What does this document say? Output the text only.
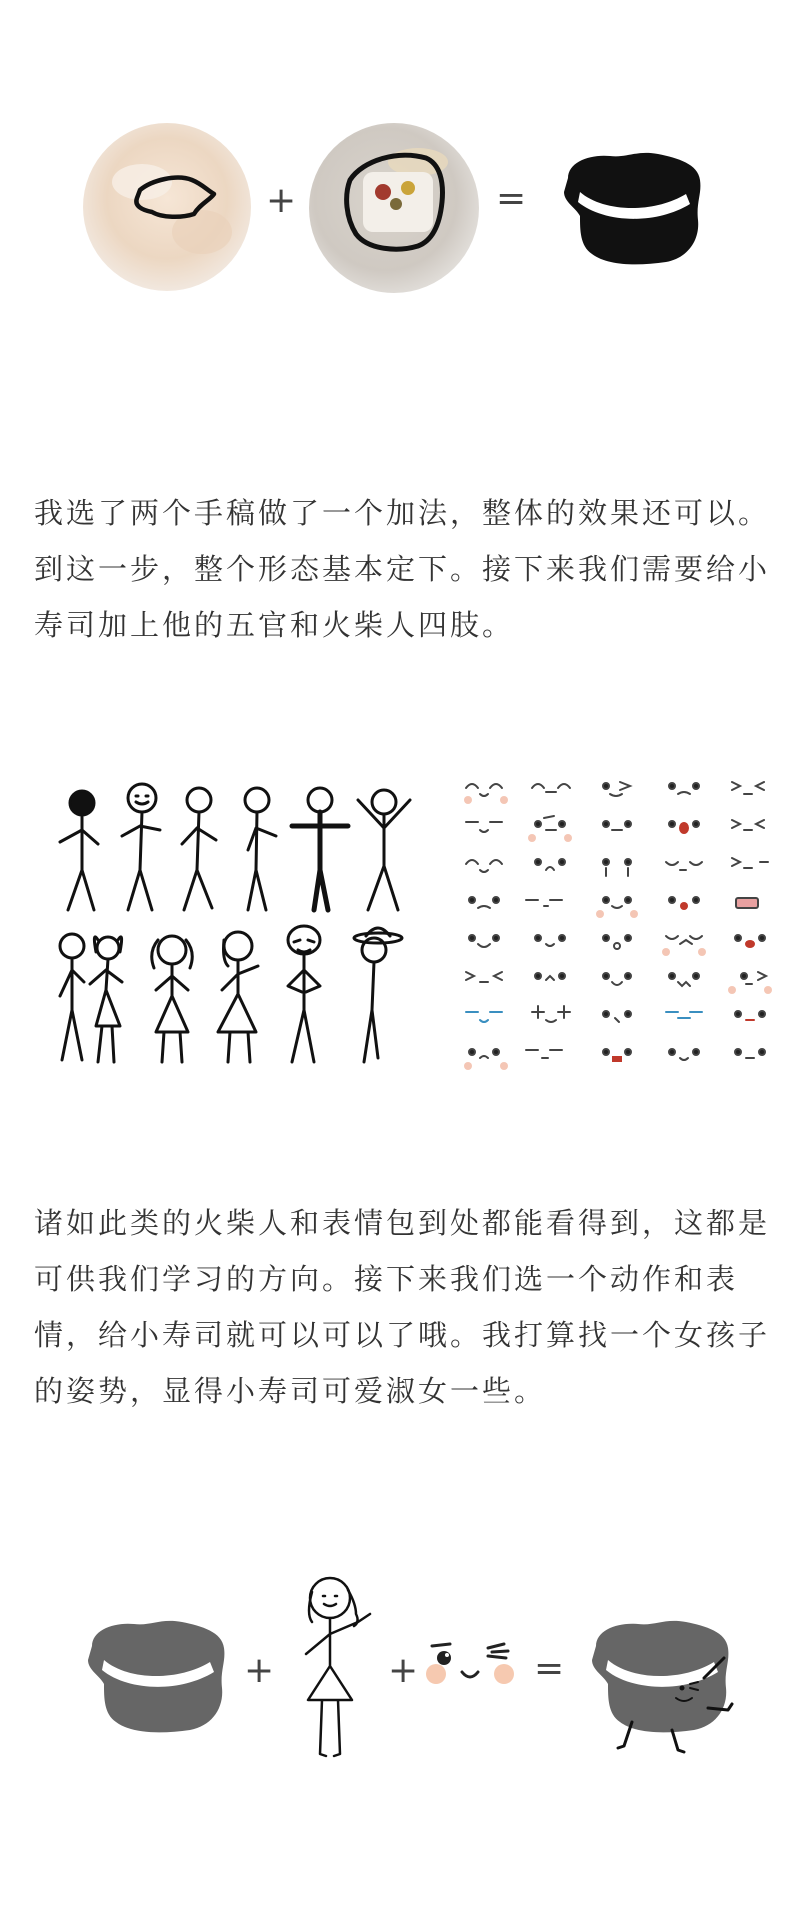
+	=

我选了两个手稿做了一个加法，整体的效果还可以。到这一步，整个形态基本定下。接下来我们需要给小寿司加上他的五官和火柴人四肢。

诸如此类的火柴人和表情包到处都能看得到，这都是可供我们学习的方向。接下来我们选一个动作和表情，给小寿司就可以可以了哦。我打算找一个女孩子的姿势，显得小寿司可爱淑女一些。

+	+	=
